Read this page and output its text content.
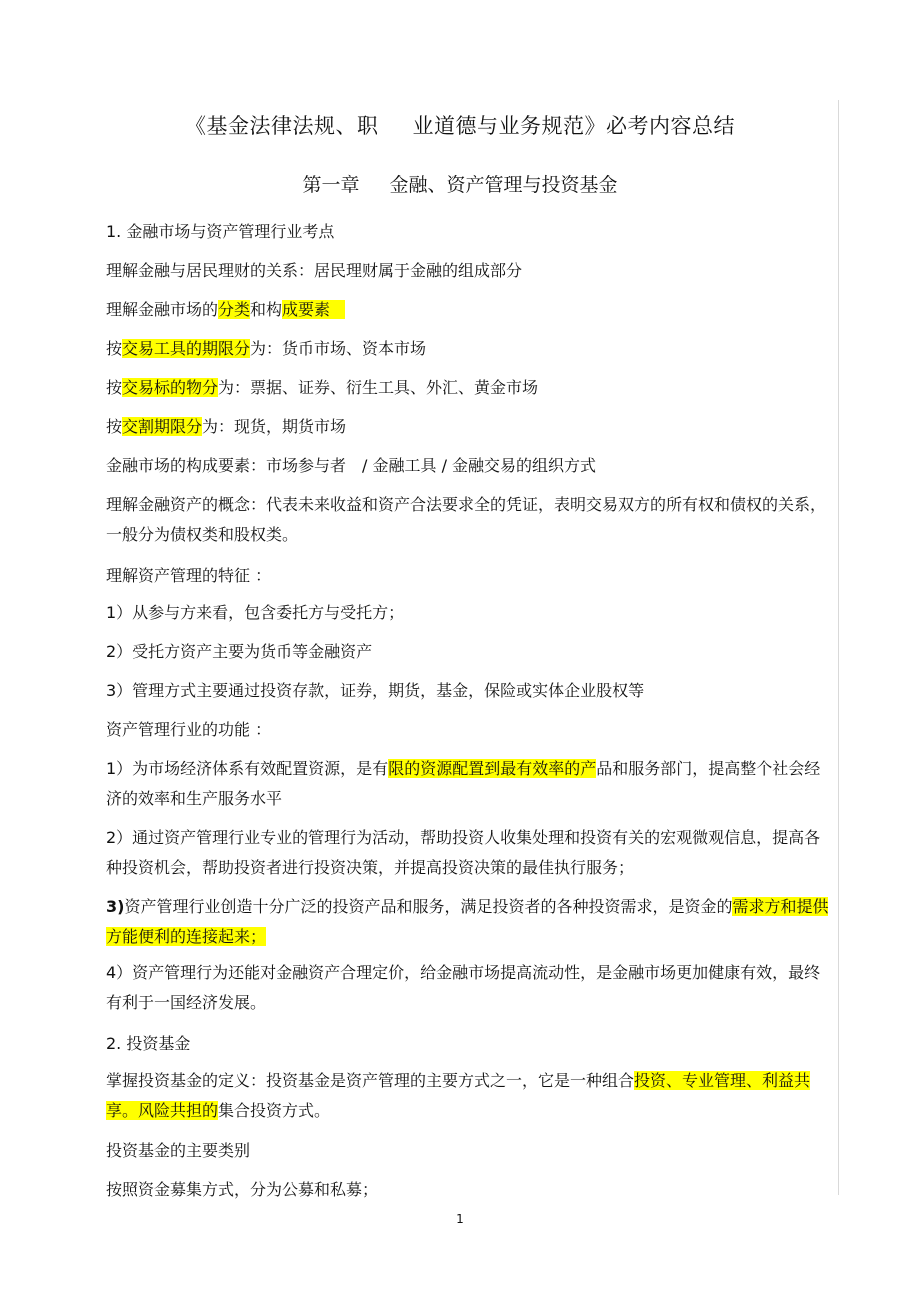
《基金法律法规、职 业道德与业务规范》必考内容总结
第一章 金融、资产管理与投资基金
1. 金融市场与资产管理行业考点
理解金融与居民理财的关系：居民理财属于金融的组成部分
理解金融市场的分类和构成要素
按交易工具的期限分为：货币市场、资本市场
按交易标的物分为：票据、证券、衍生工具、外汇、黄金市场
按交割期限分为：现货，期货市场
金融市场的构成要素：市场参与者　/ 金融工具 / 金融交易的组织方式
理解金融资产的概念：代表未来收益和资产合法要求全的凭证，表明交易双方的所有权和债权的关系，一般分为债权类和股权类。
理解资产管理的特征 ：
1）从参与方来看，包含委托方与受托方；
2）受托方资产主要为货币等金融资产
3）管理方式主要通过投资存款，证券，期货，基金，保险或实体企业股权等
资产管理行业的功能 ：
1）为市场经济体系有效配置资源，是有限的资源配置到最有效率的产品和服务部门，提高整个社会经济的效率和生产服务水平
2）通过资产管理行业专业的管理行为活动，帮助投资人收集处理和投资有关的宏观微观信息，提高各种投资机会，帮助投资者进行投资决策，并提高投资决策的最佳执行服务；
3)资产管理行业创造十分广泛的投资产品和服务，满足投资者的各种投资需求，是资金的需求方和提供方能便利的连接起来；
4）资产管理行为还能对金融资产合理定价，给金融市场提高流动性，是金融市场更加健康有效，最终有利于一国经济发展。
2. 投资基金
掌握投资基金的定义：投资基金是资产管理的主要方式之一，它是一种组合投资、专业管理、利益共享。风险共担的集合投资方式。
投资基金的主要类别
按照资金募集方式，分为公募和私募；
1
